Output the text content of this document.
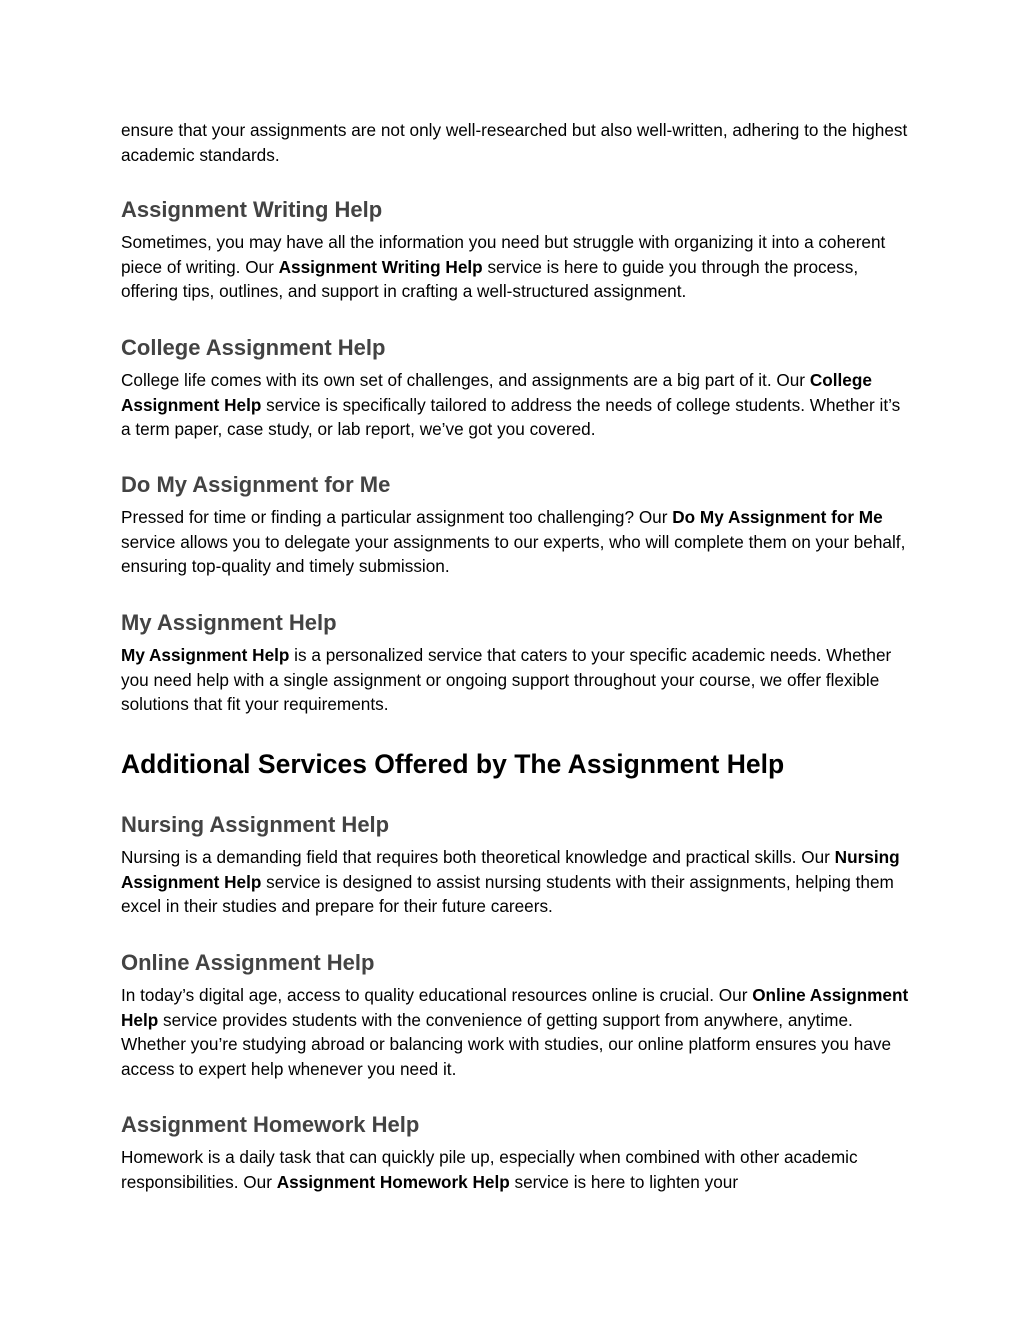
ensure that your assignments are not only well-researched but also well-written, adhering to the highest academic standards.

Assignment Writing Help

Sometimes, you may have all the information you need but struggle with organizing it into a coherent piece of writing. Our Assignment Writing Help service is here to guide you through the process, offering tips, outlines, and support in crafting a well-structured assignment.

College Assignment Help

College life comes with its own set of challenges, and assignments are a big part of it. Our College Assignment Help service is specifically tailored to address the needs of college students. Whether it’s a term paper, case study, or lab report, we’ve got you covered.

Do My Assignment for Me

Pressed for time or finding a particular assignment too challenging? Our Do My Assignment for Me service allows you to delegate your assignments to our experts, who will complete them on your behalf, ensuring top-quality and timely submission.

My Assignment Help

My Assignment Help is a personalized service that caters to your specific academic needs. Whether you need help with a single assignment or ongoing support throughout your course, we offer flexible solutions that fit your requirements.

Additional Services Offered by The Assignment Help
Nursing Assignment Help

Nursing is a demanding field that requires both theoretical knowledge and practical skills. Our Nursing Assignment Help service is designed to assist nursing students with their assignments, helping them excel in their studies and prepare for their future careers.

Online Assignment Help

In today’s digital age, access to quality educational resources online is crucial. Our Online Assignment Help service provides students with the convenience of getting support from anywhere, anytime. Whether you’re studying abroad or balancing work with studies, our online platform ensures you have access to expert help whenever you need it.

Assignment Homework Help

Homework is a daily task that can quickly pile up, especially when combined with other academic responsibilities. Our Assignment Homework Help service is here to lighten your
